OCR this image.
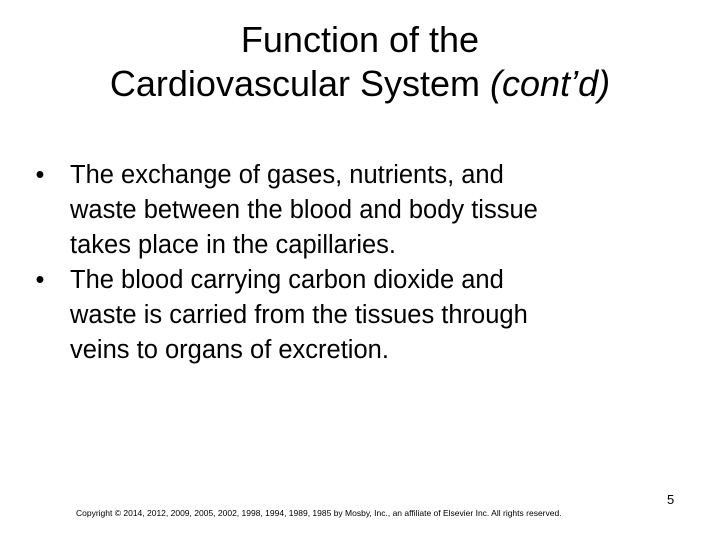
Function of the
Cardiovascular System (cont’d)
• The exchange of gases, nutrients, and
waste between the blood and body tissue
takes place in the capillaries.
• The blood carrying carbon dioxide and
waste is carried from the tissues through
veins to organs of excretion.
Copyright © 2014, 2012, 2009, 2005, 2002, 1998, 1994, 1989, 1985 by Mosby, Inc., an affiliate of Elsevier Inc. All rights reserved.
5
